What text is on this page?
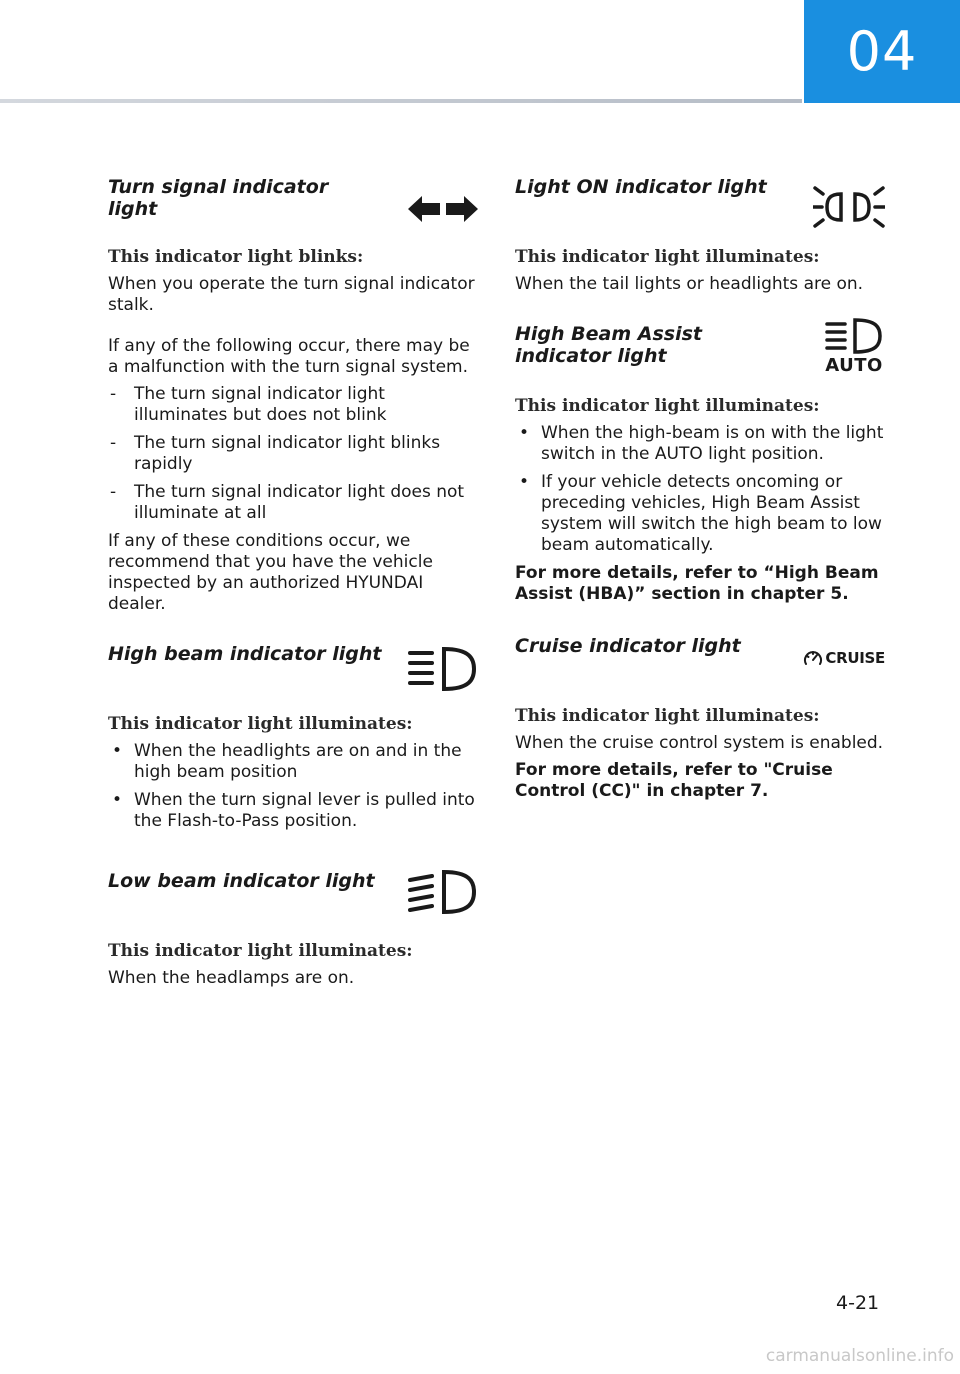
04
Turn signal indicator light
This indicator light blinks:

When you operate the turn signal indicator stalk.

If any of the following occur, there may be a malfunction with the turn signal system.

- The turn signal indicator light illuminates but does not blink
- The turn signal indicator light blinks rapidly
- The turn signal indicator light does not illuminate at all

If any of these conditions occur, we recommend that you have the vehicle inspected by an authorized HYUNDAI dealer.

High beam indicator light
This indicator light illuminates:
• When the headlights are on and in the high beam position
• When the turn signal lever is pulled into the Flash-to-Pass position.
Low beam indicator light
This indicator light illuminates:

When the headlamps are on.

Light ON indicator light
This indicator light illuminates:

When the tail lights or headlights are on.

High Beam Assist indicator light	AUTO
This indicator light illuminates:
• When the high-beam is on with the light switch in the AUTO light position.
• If your vehicle detects oncoming or preceding vehicles, High Beam Assist system will switch the high beam to low beam automatically.

For more details, refer to “High Beam Assist (HBA)” section in chapter 5.

Cruise indicator light
CRUISE
This indicator light illuminates:

When the cruise control system is enabled.

For more details, refer to "Cruise Control (CC)" in chapter 7.

4-21
carmanualsonline.info
